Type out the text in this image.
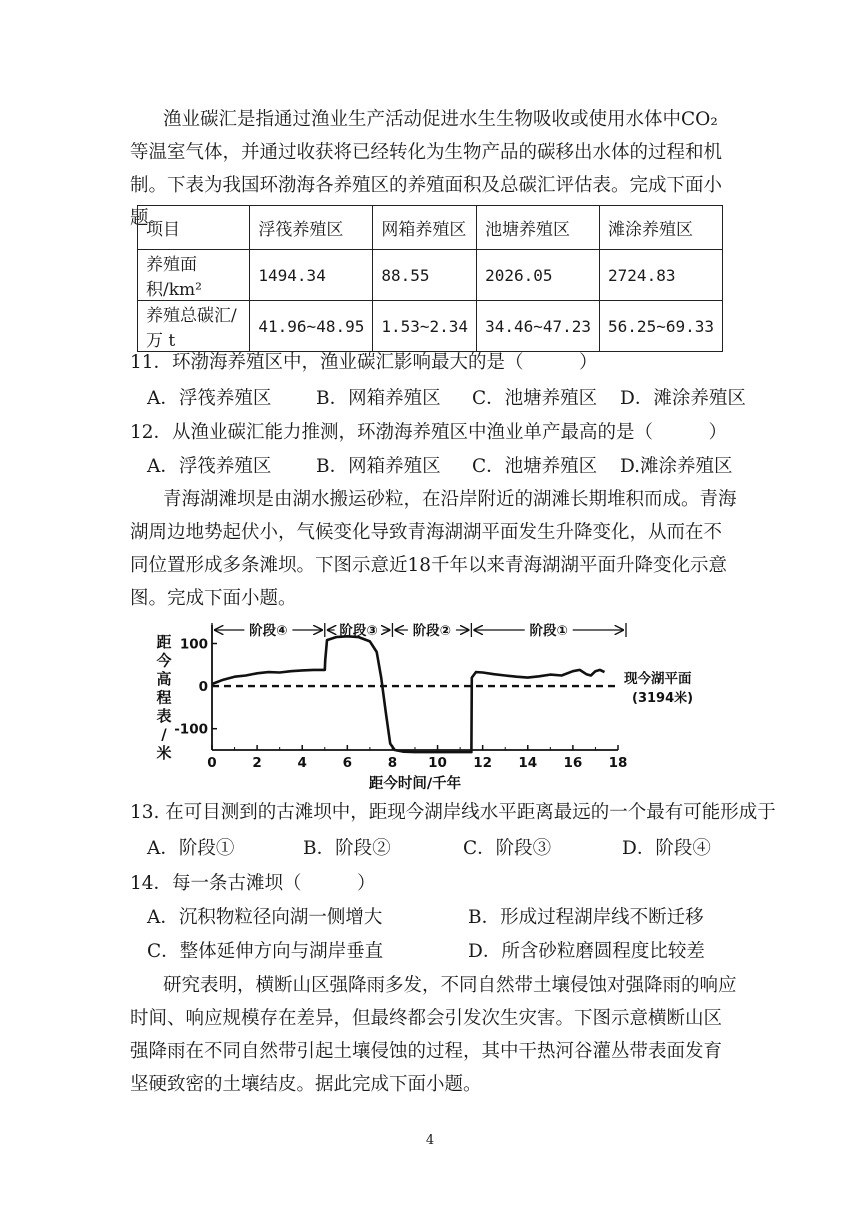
渔业碳汇是指通过渔业生产活动促进水生生物吸收或使用水体中CO₂ 等温室气体，并通过收获将已经转化为生物产品的碳移出水体的过程和机制。下表为我国环渤海各养殖区的养殖面积及总碳汇评估表。完成下面小题。

项目	浮筏养殖区	网箱养殖区	池塘养殖区	滩涂养殖区
养殖面积/km²	1494.34	88.55	2026.05	2724.83
养殖总碳汇/万 t	41.96~48.95	1.53~2.34	34.46~47.23	56.25~69.33
11．环渤海养殖区中，渔业碳汇影响最大的是（　　　）
A．浮筏养殖区 B．网箱养殖区 C．池塘养殖区 D．滩涂养殖区
12．从渔业碳汇能力推测，环渤海养殖区中渔业单产最高的是（　　　）
A．浮筏养殖区 B．网箱养殖区 C．池塘养殖区 D.滩涂养殖区

青海湖滩坝是由湖水搬运砂粒，在沿岸附近的湖滩长期堆积而成。青海湖周边地势起伏小，气候变化导致青海湖湖平面发生升降变化，从而在不同位置形成多条滩坝。下图示意近18千年以来青海湖湖平面升降变化示意图。完成下面小题。

距
今
高
程
表
/
米
100
0
-100
0	2	4	6	8 10 12 14 16 18
距今时间/千年
阶段④	阶段③	阶段②	阶段①
现今湖平面
(3194米)
13. 在可目测到的古滩坝中，距现今湖岸线水平距离最远的一个最有可能形成于
A．阶段①	B．阶段②	C．阶段③	D．阶段④
14．每一条古滩坝（　　　）
A．沉积物粒径向湖一侧增大	B．形成过程湖岸线不断迁移
C．整体延伸方向与湖岸垂直	D．所含砂粒磨圆程度比较差

研究表明，横断山区强降雨多发，不同自然带土壤侵蚀对强降雨的响应时间、响应规模存在差异，但最终都会引发次生灾害。下图示意横断山区强降雨在不同自然带引起土壤侵蚀的过程，其中干热河谷灌丛带表面发育坚硬致密的土壤结皮。据此完成下面小题。

4
